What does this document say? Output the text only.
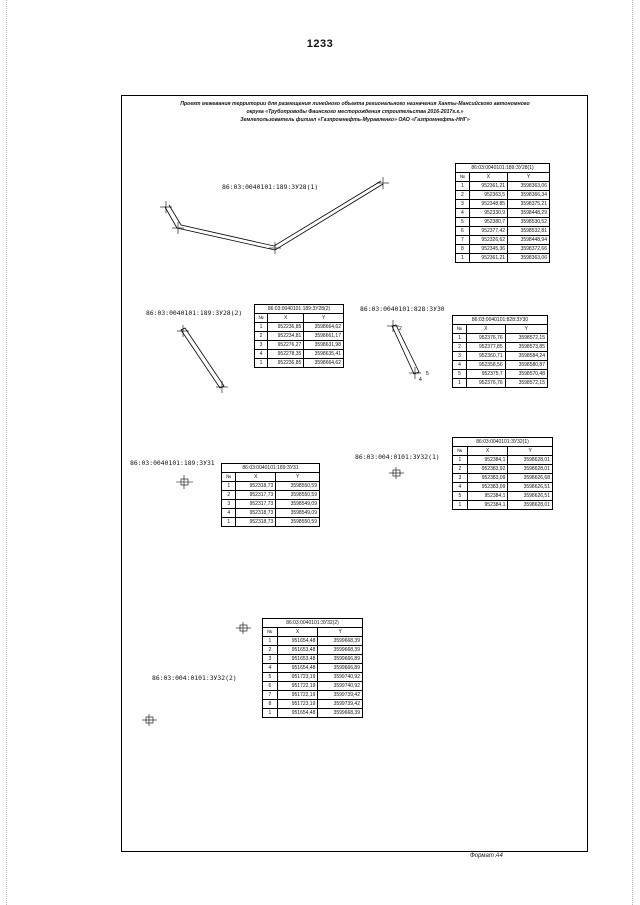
1233
Проект межевания территории для размещения линейного объекта регионального назначения Ханты-Мансийского автономного
округа «Трубопроводы Фаинского месторождения строительства 2016-2017г.г.»
Землепользователь филиал «Газпромнефть-Муравленко» ОАО «Газпромнефть-ННГ»
2
5
4
86:03:0040101:189:ЗУ28(1)
86:03:0040101:189:ЗУ28(2)	86:03:0040101:828:ЗУ30
86:03:0040101:189:ЗУ31
86:03:004:0101:ЗУ32(1)
86:03:004:0101:ЗУ32(2)
86:03:0040101:189:ЗУ28(1)		
№	X	Y
1	952361,21	3598363,06
2	952363,5	3598366,34
3	952348,85	3598375,21
4	952330,9	3598448,29
5	952380,7	3598530,52
6	952377,42	3598532,81
7	952326,62	3598448,94
8	952345,36	3598372,66
1	952361,21	3598363,06
86:03:0040101:189:ЗУ28(2)		
№	X	Y
1	952236,85	3598664,62
2	952234,81	3598661,17
3	952276,27	3598631,98
4	952278,35	3598635,41
1	952236,85	3598664,62
86:03:0040101:828:ЗУ30		
№	X	Y
1	952376,76	3598572,15
2	952377,85	3598573,85
3	952360,71	3598584,24
4	952358,56	3598580,87
5	952375,7	3598570,48
1	952376,76	3598572,15
86:03:0040101:189:ЗУ31		
№	X	Y
1	952318,73	3598550,59
2	952317,73	3598550,59
3	952317,73	3598549,09
4	952318,73	3598549,09
1	952318,73	3598550,59
86:03:0040101:ЗУ32(1)		
№	X	Y
1	952384,1	3598628,01
2	952383,92	3598628,01
3	952383,09	3598626,68
4	952383,09	3598626,51
5	952384,1	3598626,51
1	952384,1	3598628,01
86:03:0040101:ЗУ32(2)		
№	X	Y
1	951654,48	3599668,39
2	951653,48	3599668,39
3	951653,48	3599666,89
4	951654,48	3599666,89
5	951723,19	3599740,92
6	951722,19	3599740,92
7	951722,19	3599739,42
8	951723,19	3599739,42
1	951654,48	3599668,39
Формат А4
